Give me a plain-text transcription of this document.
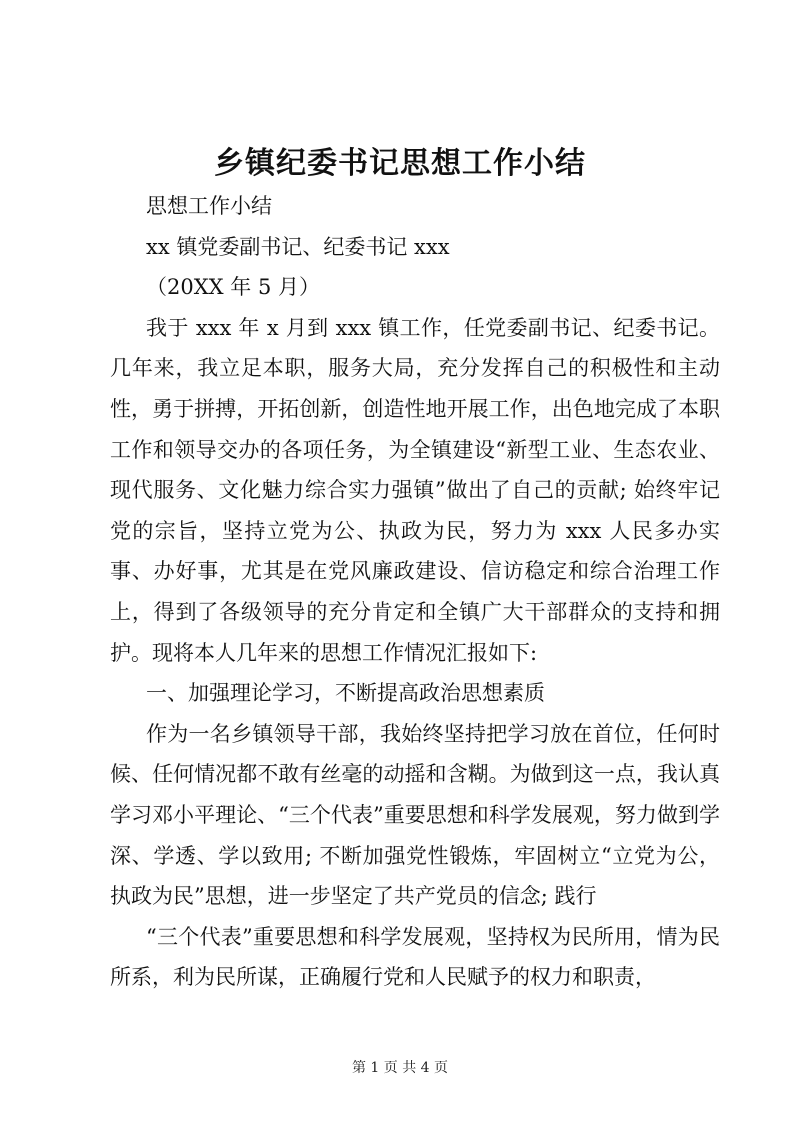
乡镇纪委书记思想工作小结

思想工作小结

xx 镇党委副书记、纪委书记 xxx

（20XX 年 5 月）

我于 xxx 年 x 月到 xxx 镇工作，任党委副书记、纪委书记。几年来，我立足本职，服务大局，充分发挥自己的积极性和主动性，勇于拼搏，开拓创新，创造性地开展工作，出色地完成了本职工作和领导交办的各项任务，为全镇建设“新型工业、生态农业、现代服务、文化魅力综合实力强镇”做出了自己的贡献; 始终牢记党的宗旨，坚持立党为公、执政为民，努力为 xxx 人民多办实事、办好事，尤其是在党风廉政建设、信访稳定和综合治理工作上，得到了各级领导的充分肯定和全镇广大干部群众的支持和拥护。现将本人几年来的思想工作情况汇报如下:

一、加强理论学习，不断提高政治思想素质

作为一名乡镇领导干部，我始终坚持把学习放在首位，任何时候、任何情况都不敢有丝毫的动摇和含糊。为做到这一点，我认真学习邓小平理论、“三个代表”重要思想和科学发展观，努力做到学深、学透、学以致用; 不断加强党性锻炼，牢固树立“立党为公，执政为民”思想，进一步坚定了共产党员的信念; 践行

“三个代表”重要思想和科学发展观，坚持权为民所用，情为民所系，利为民所谋，正确履行党和人民赋予的权力和职责，

第 1 页 共 4 页
